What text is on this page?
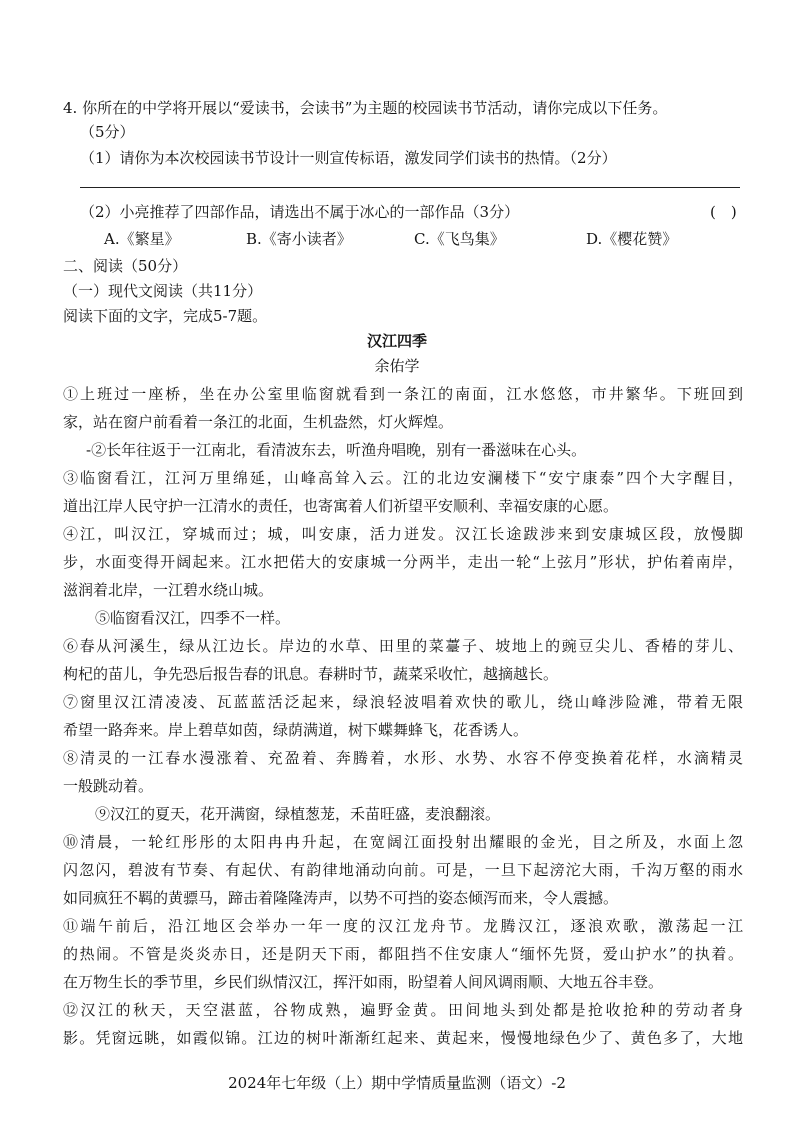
4. 你所在的中学将开展以“爱读书，会读书”为主题的校园读书节活动，请你完成以下任务。
（5分）
（1）请你为本次校园读书节设计一则宣传标语，激发同学们读书的热情。（2分）
（2）小亮推荐了四部作品，请选出不属于冰心的一部作品（3分）	(　)
A.《繁星》	B.《寄小读者》	C.《飞鸟集》	D.《樱花赞》
二、阅读（50分）
（一）现代文阅读（共11分）
阅读下面的文字，完成5-7题。
汉江四季
余佑学
①上班过一座桥，坐在办公室里临窗就看到一条江的南面，江水悠悠，市井繁华。下班回到
家，站在窗户前看着一条江的北面，生机盎然，灯火辉煌。
-②长年往返于一江南北，看清波东去，听渔舟唱晚，别有一番滋味在心头。
③临窗看江，江河万里绵延，山峰高耸入云。江的北边安澜楼下“安宁康泰”四个大字醒目，
道出江岸人民守护一江清水的责任，也寄寓着人们祈望平安顺利、幸福安康的心愿。
④江，叫汉江，穿城而过；城，叫安康，活力迸发。汉江长途跋涉来到安康城区段，放慢脚
步，水面变得开阔起来。江水把偌大的安康城一分两半，走出一轮“上弦月”形状，护佑着南岸，
滋润着北岸，一江碧水绕山城。
⑤临窗看汉江，四季不一样。
⑥春从河溪生，绿从江边长。岸边的水草、田里的菜薹子、坡地上的豌豆尖儿、香椿的芽儿、
枸杞的苗儿，争先恐后报告春的讯息。春耕时节，蔬菜采收忙，越摘越长。
⑦窗里汉江清凌凌、瓦蓝蓝活泛起来，绿浪轻波唱着欢快的歌儿，绕山峰涉险滩，带着无限
希望一路奔来。岸上碧草如茵，绿荫满道，树下蝶舞蜂飞，花香诱人。
⑧清灵的一江春水漫涨着、充盈着、奔腾着，水形、水势、水容不停变换着花样，水滴精灵
一般跳动着。
⑨汉江的夏天，花开满窗，绿植葱茏，禾苗旺盛，麦浪翻滚。
⑩清晨，一轮红彤彤的太阳冉冉升起，在宽阔江面投射出耀眼的金光，目之所及，水面上忽
闪忽闪，碧波有节奏、有起伏、有韵律地涌动向前。可是，一旦下起滂沱大雨，千沟万壑的雨水
如同疯狂不羁的黄骠马，蹄击着隆隆涛声，以势不可挡的姿态倾泻而来，令人震撼。
⑪端午前后，沿江地区会举办一年一度的汉江龙舟节。龙腾汉江，逐浪欢歌，激荡起一江
的热闹。不管是炎炎赤日，还是阴天下雨，都阻挡不住安康人“缅怀先贤，爱山护水”的执着。
在万物生长的季节里，乡民们纵情汉江，挥汗如雨，盼望着人间风调雨顺、大地五谷丰登。
⑫汉江的秋天，天空湛蓝，谷物成熟，遍野金黄。田间地头到处都是抢收抢种的劳动者身
影。凭窗远眺，如霞似锦。江边的树叶渐渐红起来、黄起来，慢慢地绿色少了、黄色多了，大地
2024年七年级（上）期中学情质量监测（语文）-2
